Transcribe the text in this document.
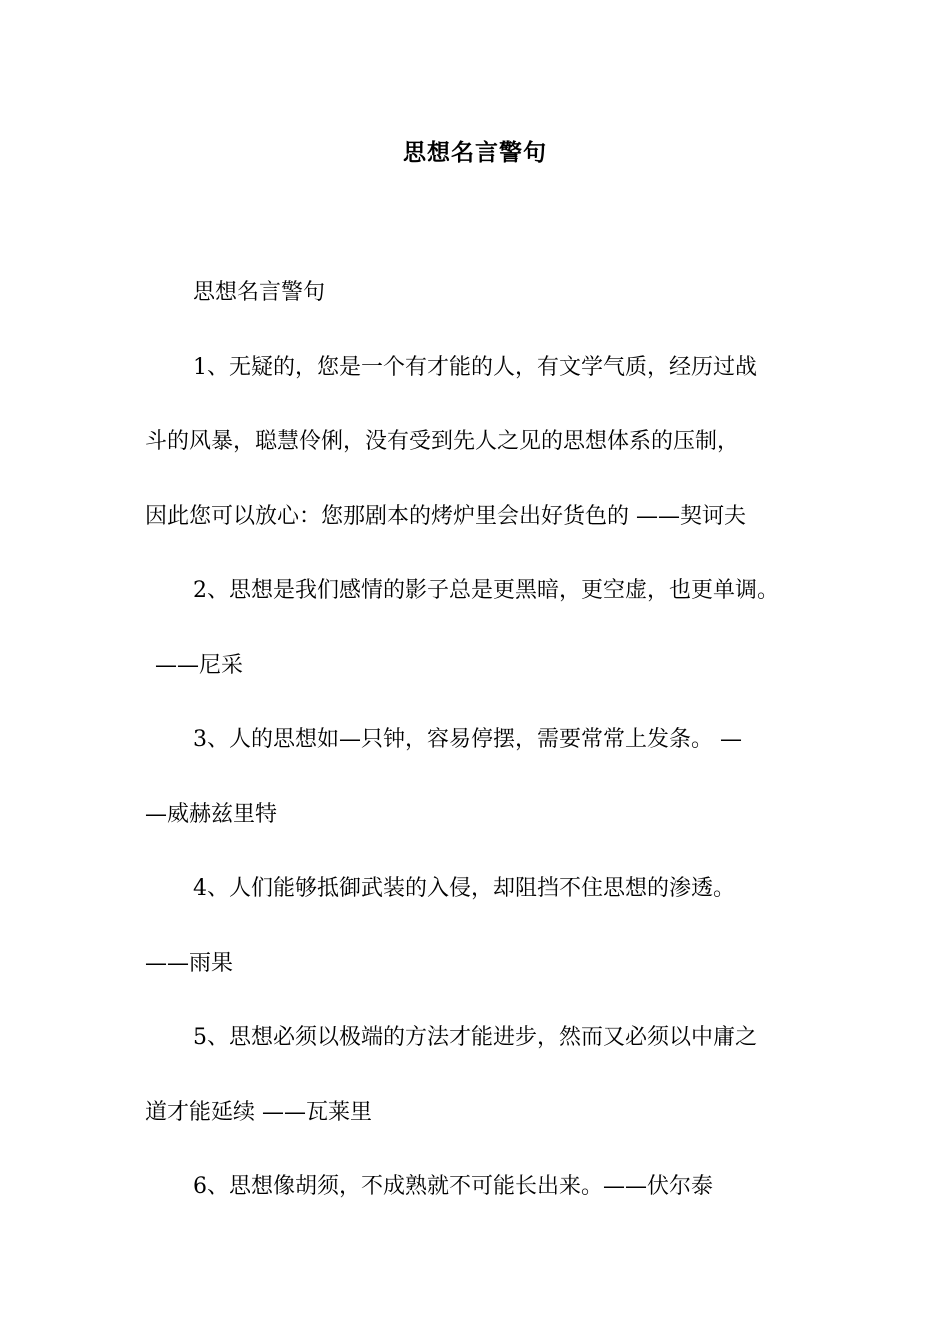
思想名言警句
思想名言警句
1、无疑的，您是一个有才能的人，有文学气质，经历过战
斗的风暴，聪慧伶俐，没有受到先人之见的思想体系的压制，
因此您可以放心：您那剧本的烤炉里会出好货色的 ——契诃夫
2、思想是我们感情的影子总是更黑暗，更空虚，也更单调。
——尼采
3、人的思想如—只钟，容易停摆，需要常常上发条。 —
—威赫兹里特
4、人们能够抵御武装的入侵，却阻挡不住思想的渗透。
——雨果
5、思想必须以极端的方法才能进步，然而又必须以中庸之
道才能延续 ——瓦莱里
6、思想像胡须，不成熟就不可能长出来。——伏尔泰
